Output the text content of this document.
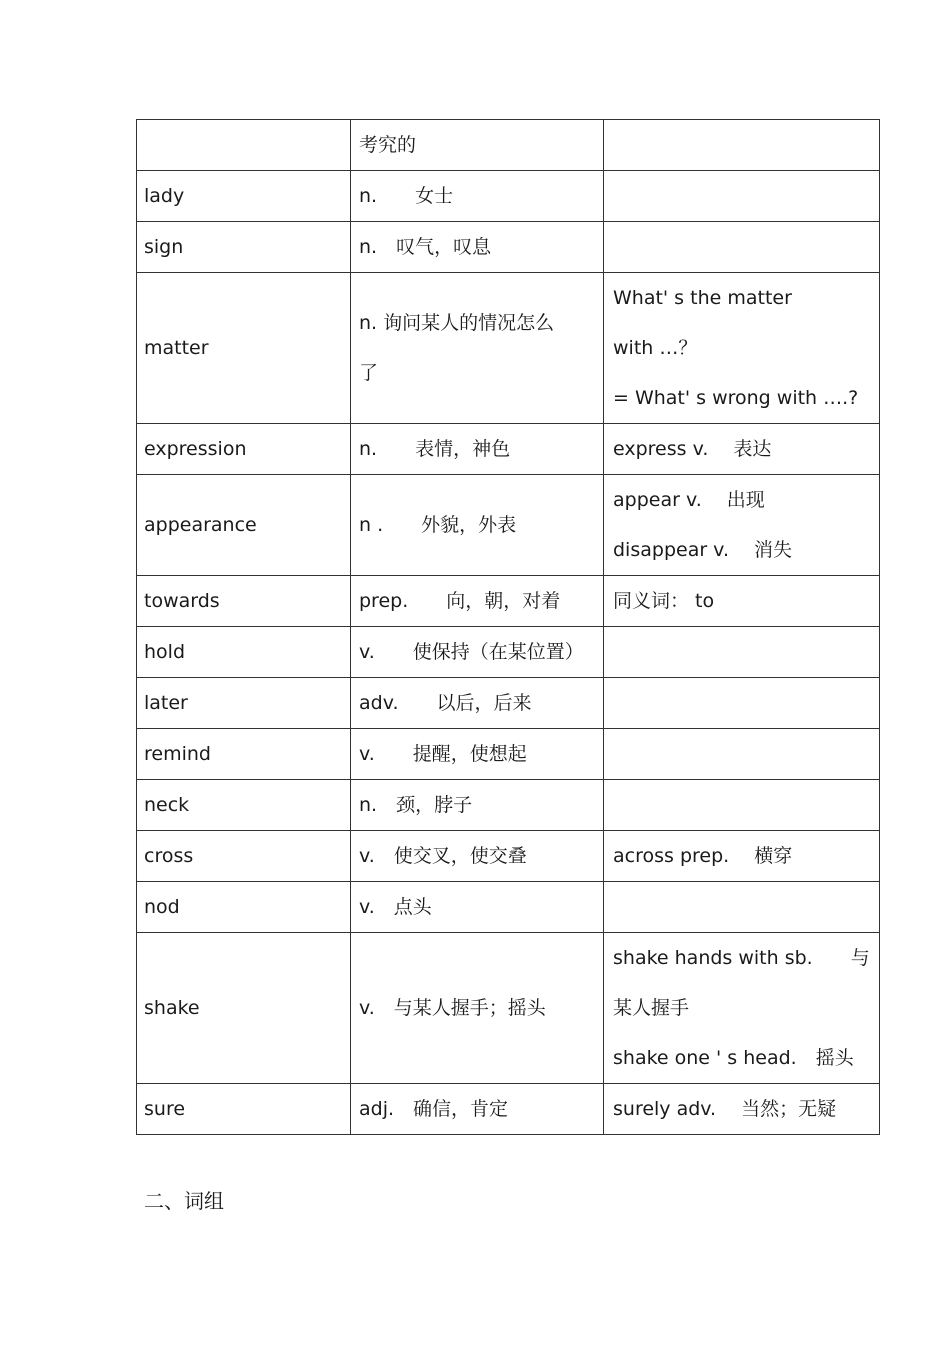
	考究的	

lady	n.　　女士	

sign	n.　叹气，叹息	

matter	n. 询问某人的情况怎么
了	What' s the matter
with …？
= What' s wrong with ….?

expression	n.　　表情，神色	express v.　 表达

appearance	n .　　外貌，外表	appear v.　 出现
disappear v.　 消失

towards	prep.　　向，朝，对着	同义词： to

hold	v.　　使保持（在某位置）	

later	adv.　　以后，后来	

remind	v.　　提醒，使想起	

neck	n.　颈，脖子	

cross	v.　使交叉，使交叠	across prep.　 横穿

nod	v.　点头	

shake	v.　与某人握手；摇头	shake hands with sb.　　与
某人握手
shake one ' s head.　摇头

sure	adj.　确信，肯定	surely adv.　 当然；无疑
二、词组
